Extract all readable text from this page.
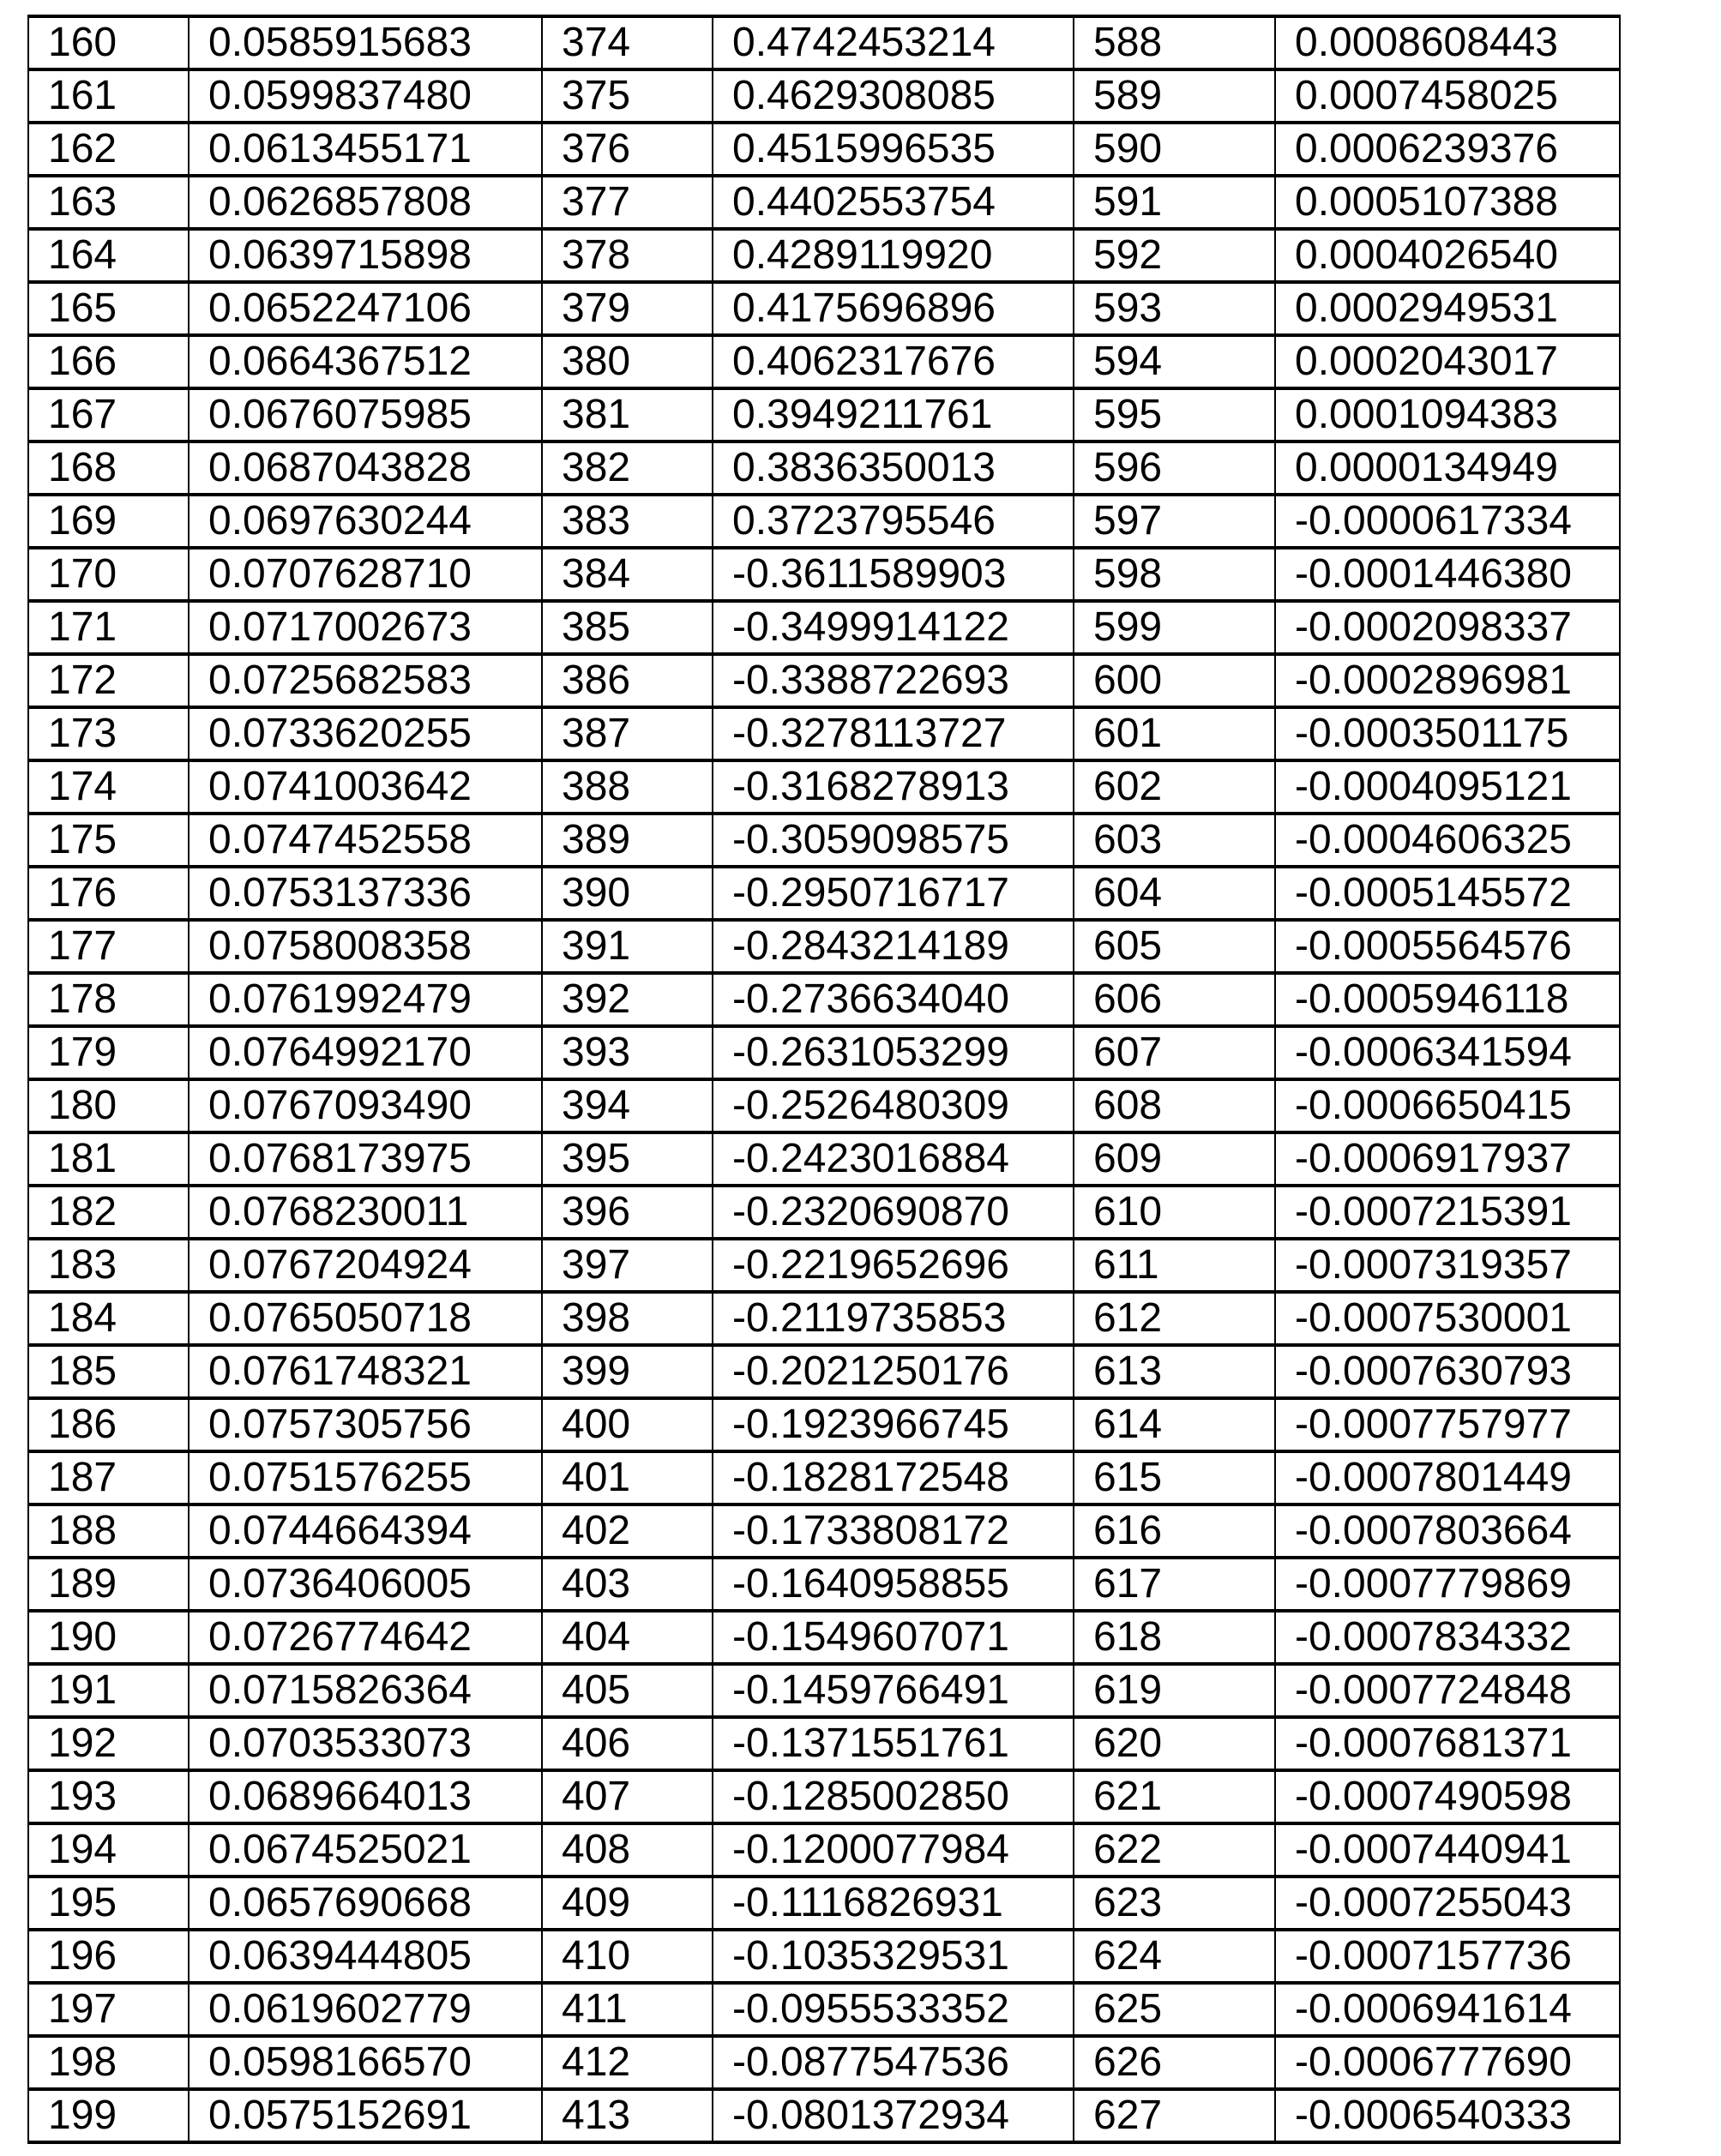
160	0.0585915683	374	0.4742453214	588	0.0008608443
161	0.0599837480	375	0.4629308085	589	0.0007458025
162	0.0613455171	376	0.4515996535	590	0.0006239376
163	0.0626857808	377	0.4402553754	591	0.0005107388
164	0.0639715898	378	0.4289119920	592	0.0004026540
165	0.0652247106	379	0.4175696896	593	0.0002949531
166	0.0664367512	380	0.4062317676	594	0.0002043017
167	0.0676075985	381	0.3949211761	595	0.0001094383
168	0.0687043828	382	0.3836350013	596	0.0000134949
169	0.0697630244	383	0.3723795546	597	-0.0000617334
170	0.0707628710	384	-0.3611589903	598	-0.0001446380
171	0.0717002673	385	-0.3499914122	599	-0.0002098337
172	0.0725682583	386	-0.3388722693	600	-0.0002896981
173	0.0733620255	387	-0.3278113727	601	-0.0003501175
174	0.0741003642	388	-0.3168278913	602	-0.0004095121
175	0.0747452558	389	-0.3059098575	603	-0.0004606325
176	0.0753137336	390	-0.2950716717	604	-0.0005145572
177	0.0758008358	391	-0.2843214189	605	-0.0005564576
178	0.0761992479	392	-0.2736634040	606	-0.0005946118
179	0.0764992170	393	-0.2631053299	607	-0.0006341594
180	0.0767093490	394	-0.2526480309	608	-0.0006650415
181	0.0768173975	395	-0.2423016884	609	-0.0006917937
182	0.0768230011	396	-0.2320690870	610	-0.0007215391
183	0.0767204924	397	-0.2219652696	611	-0.0007319357
184	0.0765050718	398	-0.2119735853	612	-0.0007530001
185	0.0761748321	399	-0.2021250176	613	-0.0007630793
186	0.0757305756	400	-0.1923966745	614	-0.0007757977
187	0.0751576255	401	-0.1828172548	615	-0.0007801449
188	0.0744664394	402	-0.1733808172	616	-0.0007803664
189	0.0736406005	403	-0.1640958855	617	-0.0007779869
190	0.0726774642	404	-0.1549607071	618	-0.0007834332
191	0.0715826364	405	-0.1459766491	619	-0.0007724848
192	0.0703533073	406	-0.1371551761	620	-0.0007681371
193	0.0689664013	407	-0.1285002850	621	-0.0007490598
194	0.0674525021	408	-0.1200077984	622	-0.0007440941
195	0.0657690668	409	-0.1116826931	623	-0.0007255043
196	0.0639444805	410	-0.1035329531	624	-0.0007157736
197	0.0619602779	411	-0.0955533352	625	-0.0006941614
198	0.0598166570	412	-0.0877547536	626	-0.0006777690
199	0.0575152691	413	-0.0801372934	627	-0.0006540333
